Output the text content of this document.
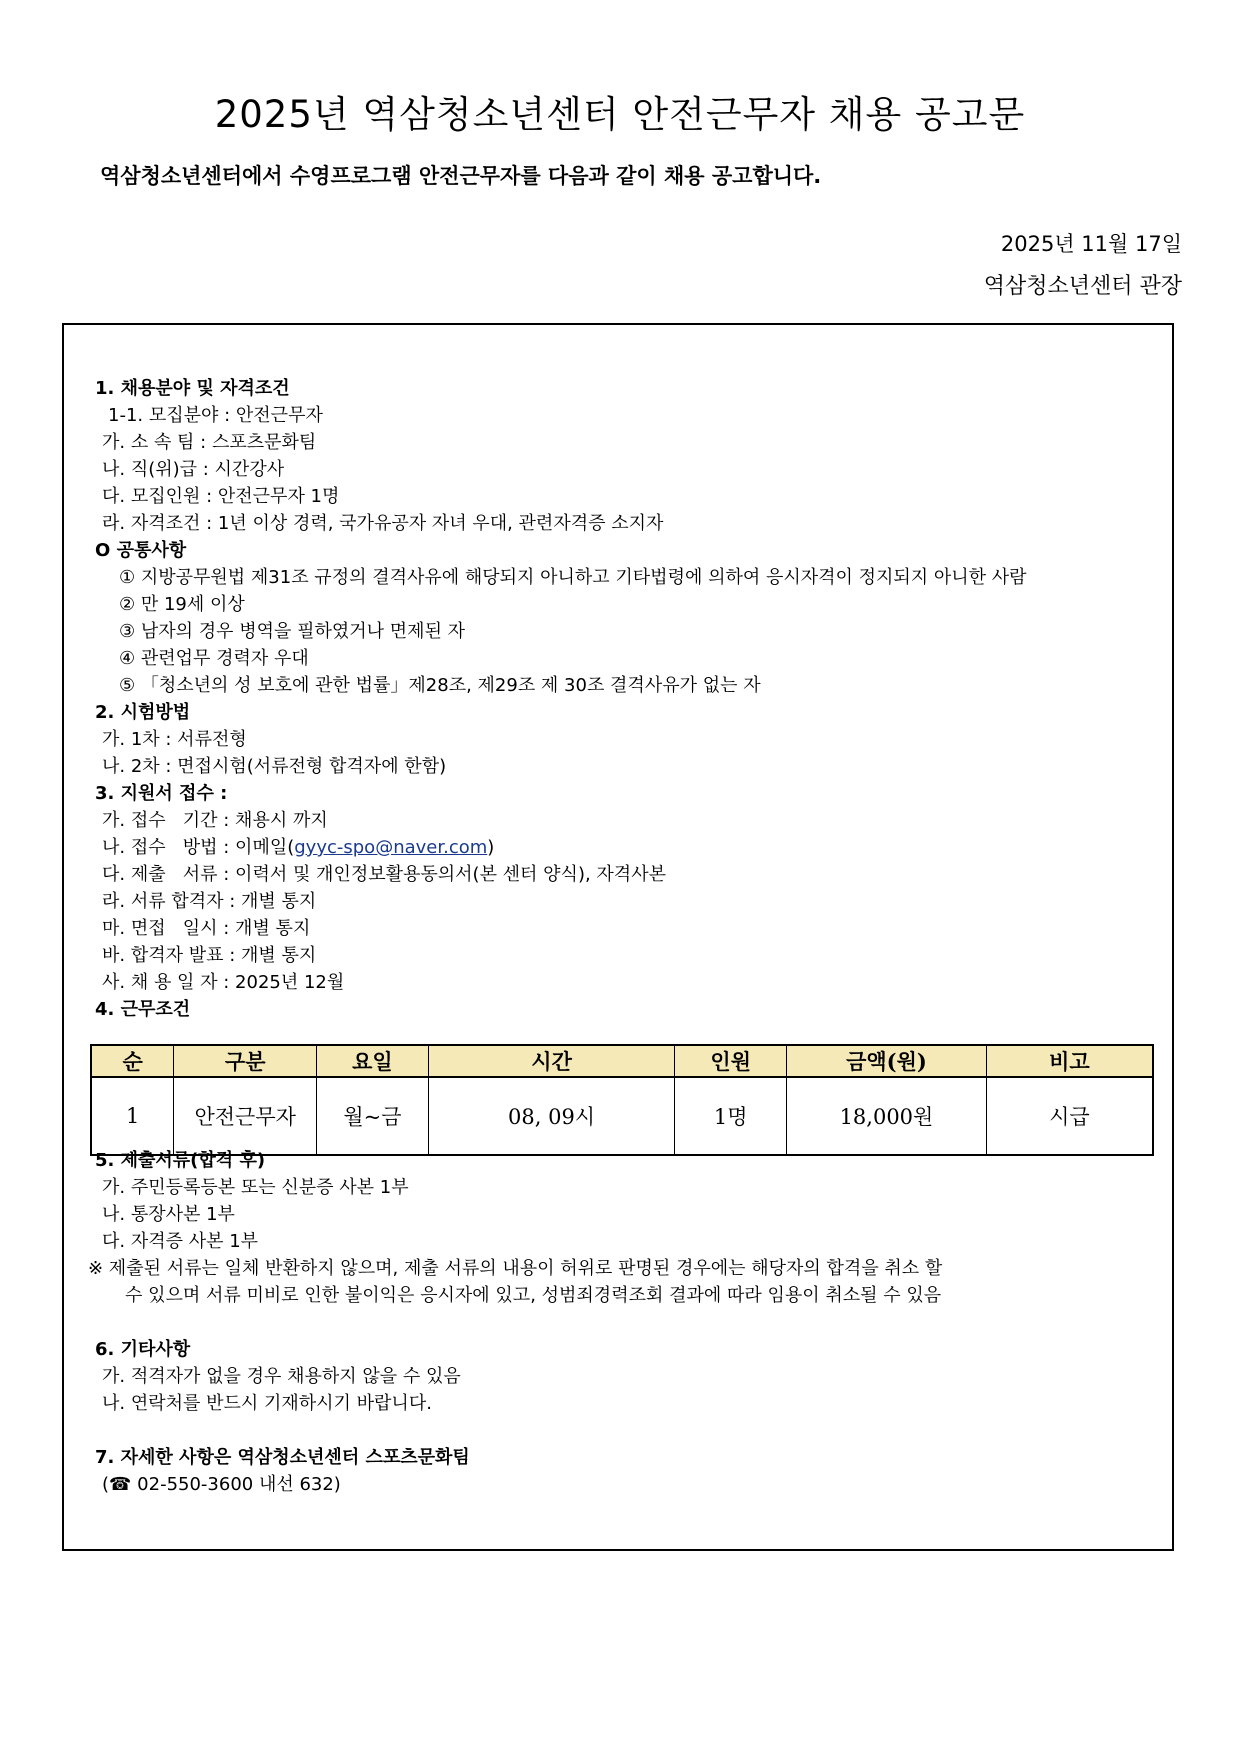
2025년 역삼청소년센터 안전근무자 채용 공고문
역삼청소년센터에서 수영프로그램 안전근무자를 다음과 같이 채용 공고합니다.
2025년 11월 17일
역삼청소년센터 관장
1. 채용분야 및 자격조건
1-1. 모집분야 : 안전근무자
가. 소 속 팀 : 스포츠문화팀
나. 직(위)급 : 시간강사
다. 모집인원 : 안전근무자 1명
라. 자격조건 : 1년 이상 경력, 국가유공자 자녀 우대, 관련자격증 소지자
O 공통사항
① 지방공무원법 제31조 규정의 결격사유에 해당되지 아니하고 기타법령에 의하여 응시자격이 정지되지 아니한 사람
② 만 19세 이상
③ 남자의 경우 병역을 필하였거나 면제된 자
④ 관련업무 경력자 우대
⑤ 「청소년의 성 보호에 관한 법률」제28조, 제29조 제 30조 결격사유가 없는 자
2. 시험방법
가. 1차 : 서류전형
나. 2차 : 면접시험(서류전형 합격자에 한함)
3. 지원서 접수 :
가. 접수   기간 : 채용시 까지
나. 접수   방법 : 이메일(gyyc-spo@naver.com)
다. 제출   서류 : 이력서 및 개인정보활용동의서(본 센터 양식), 자격사본
라. 서류 합격자 : 개별 통지
마. 면접   일시 : 개별 통지
바. 합격자 발표 : 개별 통지
사. 채 용 일 자 : 2025년 12월
4. 근무조건
순	구분	요일	시간	인원	금액(원)	비고
1	안전근무자	월~금	08, 09시	1명	18,000원	시급
5. 제출서류(합격 후)
가. 주민등록등본 또는 신분증 사본 1부
나. 통장사본 1부
다. 자격증 사본 1부
※ 제출된 서류는 일체 반환하지 않으며, 제출 서류의 내용이 허위로 판명된 경우에는 해당자의 합격을 취소 할
수 있으며 서류 미비로 인한 불이익은 응시자에 있고, 성범죄경력조회 결과에 따라 임용이 취소될 수 있음
6. 기타사항
가. 적격자가 없을 경우 채용하지 않을 수 있음
나. 연락처를 반드시 기재하시기 바랍니다.
7. 자세한 사항은 역삼청소년센터 스포츠문화팀
(☎ 02-550-3600 내선 632)
